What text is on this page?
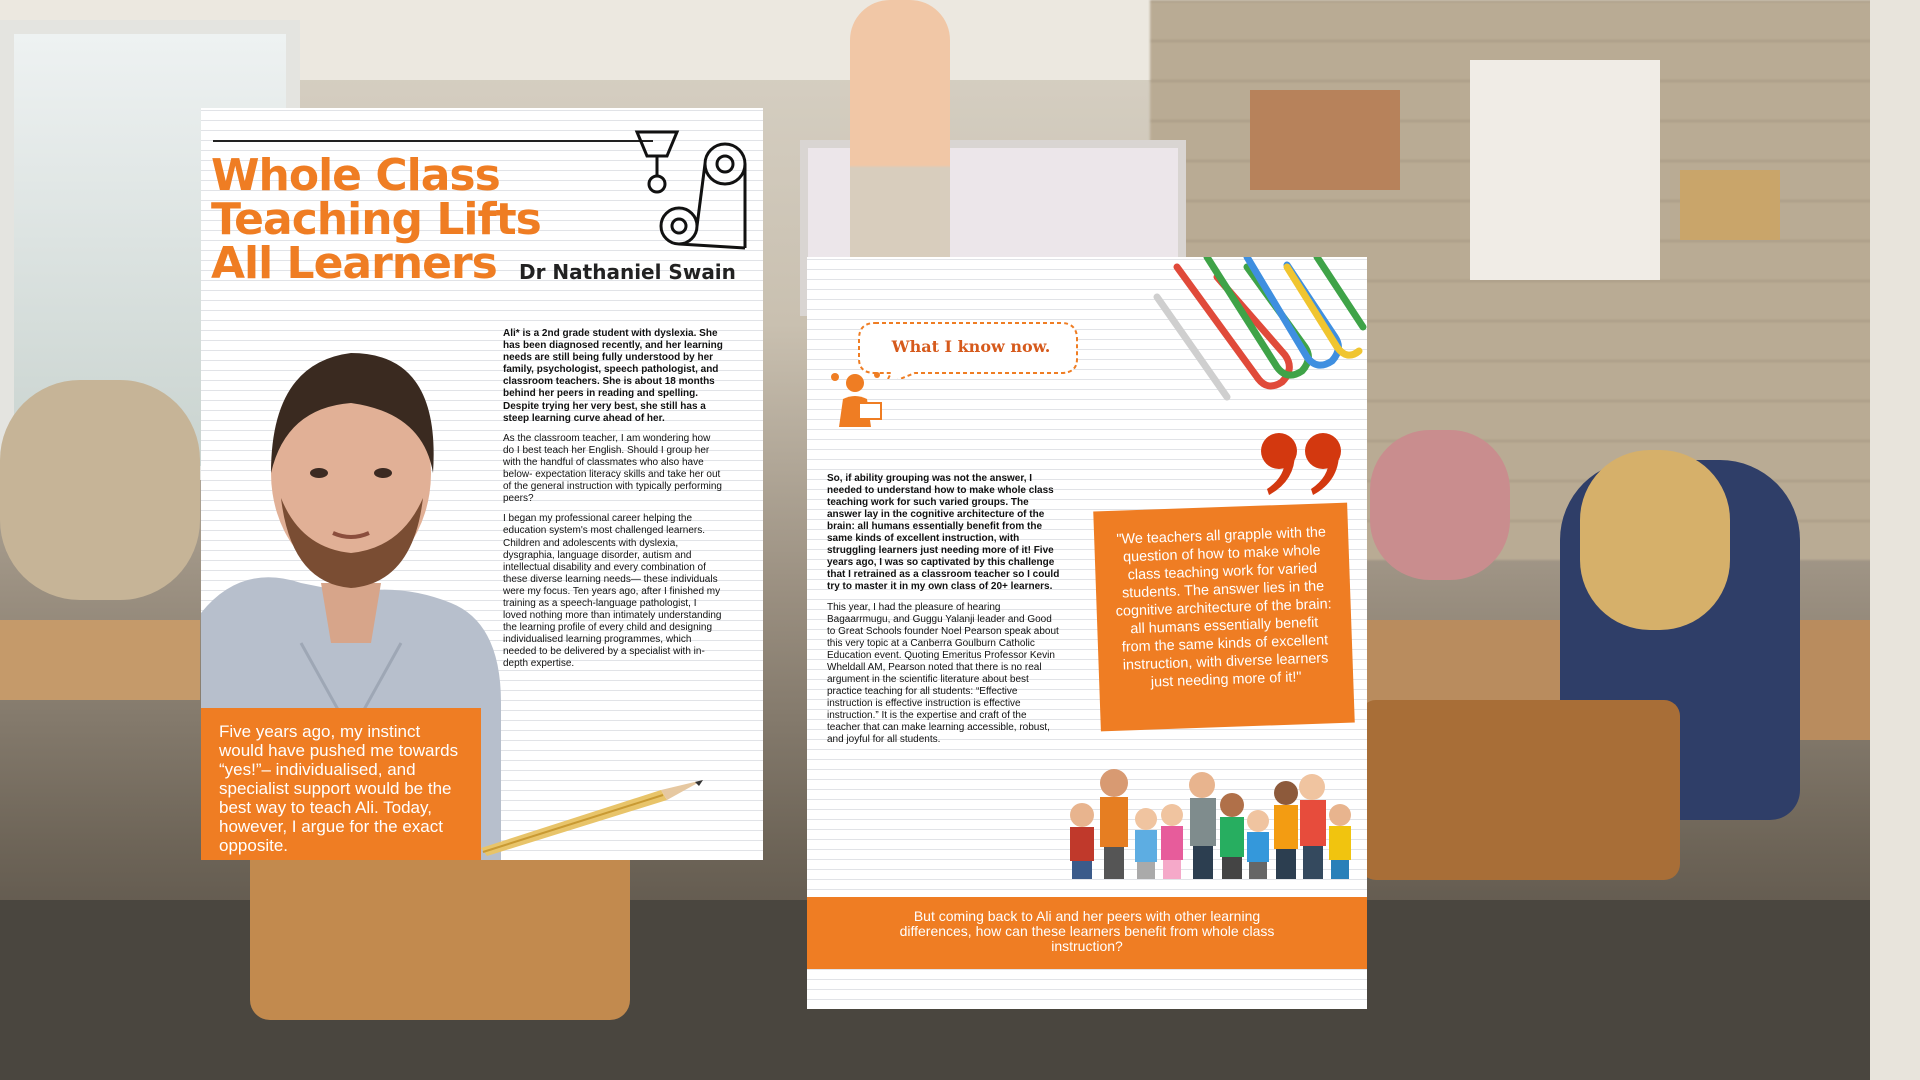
Whole Class
Teaching Lifts
All Learners	Dr Nathaniel Swain

Ali* is a 2nd grade student with dyslexia. She has been diagnosed recently, and her learning needs are still being fully understood by her family, psychologist, speech pathologist, and classroom teachers. She is about 18 months behind her peers in reading and spelling. Despite trying her very best, she still has a steep learning curve ahead of her.

As the classroom teacher, I am wondering how do I best teach her English. Should I group her with the handful of classmates who also have below- expectation literacy skills and take her out of the general instruction with typically performing peers?

I began my professional career helping the education system's most challenged learners. Children and adolescents with dyslexia, dysgraphia, language disorder, autism and intellectual disability and every combination of these diverse learning needs— these individuals were my focus. Ten years ago, after I finished my training as a speech-language pathologist, I loved nothing more than intimately understanding the learning profile of every child and designing individualised learning programmes, which needed to be delivered by a specialist with in-depth expertise.

Five years ago, my instinct would have pushed me towards “yes!”– individualised, and specialist support would be the best way to teach Ali. Today, however, I argue for the exact opposite.

What I know now.

So, if ability grouping was not the answer, I needed to understand how to make whole class teaching work for such varied groups. The answer lay in the cognitive architecture of the brain: all humans essentially benefit from the same kinds of excellent instruction, with struggling learners just needing more of it! Five years ago, I was so captivated by this challenge that I retrained as a classroom teacher so I could try to master it in my own class of 20+ learners.

This year, I had the pleasure of hearing Bagaarrmugu, and Guggu Yalanji leader and Good to Great Schools founder Noel Pearson speak about this very topic at a Canberra Goulburn Catholic Education event. Quoting Emeritus Professor Kevin Wheldall AM, Pearson noted that there is no real argument in the scientific literature about best practice teaching for all students: “Effective instruction is effective instruction is effective instruction.” It is the expertise and craft of the teacher that can make learning accessible, robust, and joyful for all students.

"We teachers all grapple with the question of how to make whole class teaching work for varied students. The answer lies in the cognitive architecture of the brain: all humans essentially benefit from the same kinds of excellent instruction, with diverse learners just needing more of it!"

But coming back to Ali and her peers with other learning differences, how can these learners benefit from whole class instruction?
